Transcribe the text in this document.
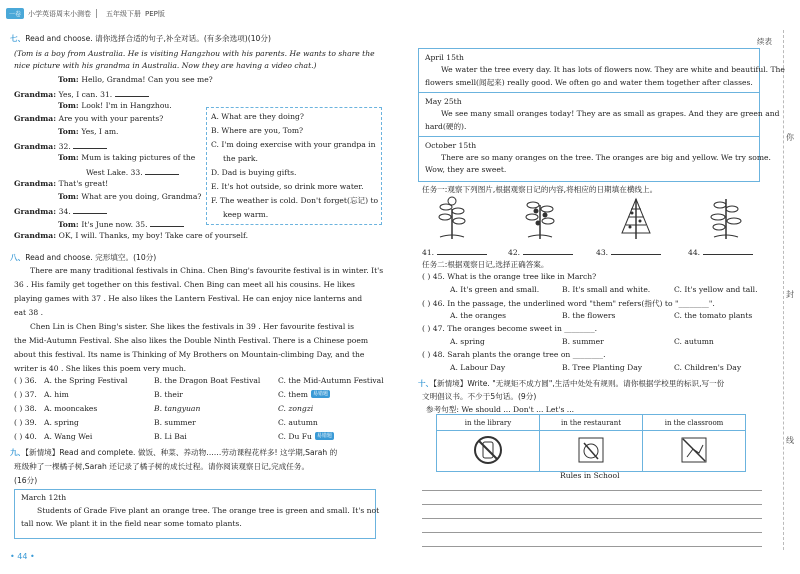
一卷	小学英语周末小测卷 五年级下册 PEP版
续表
你
封
线
• 44 •
七、Read and choose. 请你选择合适的句子,补全对话。(有多余选项)(10分)
(Tom is a boy from Australia. He is visiting Hangzhou with his parents. He wants to share the
nice picture with his grandma in Australia. Now they are having a video chat.)
Tom: Hello, Grandma! Can you see me?
Grandma: Yes, I can. 31.
Tom: Look! I'm in Hangzhou.
Grandma: Are you with your parents?
Tom: Yes, I am.
Grandma: 32.
Tom: Mum is taking pictures of the
West Lake. 33.
Grandma: That's great!
Tom: What are you doing, Grandma?
Grandma: 34.
Tom: It's June now. 35.
Grandma: OK, I will. Thanks, my boy! Take care of yourself.
A. What are they doing?
B. Where are you, Tom?
C. I'm doing exercise with your grandpa in
the park.
D. Dad is buying gifts.
E. It's hot outside, so drink more water.
F. The weather is cold. Don't forget(忘记) to
keep warm.
八、Read and choose. 完形填空。(10分)
There are many traditional festivals in China. Chen Bing's favourite festival is in winter. It's
36 . His family get together on this festival. Chen Bing can meet all his cousins. He likes
playing games with 37 . He also likes the Lantern Festival. He can enjoy nice lanterns and
eat 38 .
Chen Lin is Chen Bing's sister. She likes the festivals in 39 . Her favourite festival is
the Mid-Autumn Festival. She also likes the Double Ninth Festival. There is a Chinese poem
about this festival. Its name is Thinking of My Brothers on Mountain-climbing Day, and the
writer is 40 . She likes this poem very much.
( ) 36. A. the Spring Festival	B. the Dragon Boat Festival	C. the Mid-Autumn Festival
( ) 37. A. him	B. their	C. them	易错题
( ) 38. A. mooncakes	B. tangyuan	C. zongzi
( ) 39. A. spring	B. summer	C. autumn
( ) 40. A. Wang Wei	B. Li Bai	C. Du Fu	易错题
九、【新情境】Read and complete. 做饭、种菜、养动物……劳动课程花样多! 这学期,Sarah 的
班级种了一棵橘子树,Sarah 还记录了橘子树的成长过程。请你阅读观察日记,完成任务。
(16分)
March 12th
Students of Grade Five plant an orange tree. The orange tree is green and small. It's not
tall now. We plant it in the field near some tomato plants.
April 15th
We water the tree every day. It has lots of flowers now. They are white and beautiful. The
flowers smell(闻起来) really good. We often go and water them together after classes.
May 25th
We see many small oranges today! They are as small as grapes. And they are green and
hard(硬的).
October 15th
There are so many oranges on the tree. The oranges are big and yellow. We try some.
Wow, they are sweet.
任务一:观察下列图片,根据观察日记的内容,将相应的日期填在横线上。
41.	42.	43.	44.
任务二:根据观察日记,选择正确答案。
( ) 45. What is the orange tree like in March?
A. It's green and small.	B. It's small and white.	C. It's yellow and tall.
( ) 46. In the passage, the underlined word "them" refers(指代) to "________".
A. the oranges	B. the flowers	C. the tomato plants
( ) 47. The oranges become sweet in ________.
A. spring	B. summer	C. autumn
( ) 48. Sarah plants the orange tree on ________.
A. Labour Day	B. Tree Planting Day	C. Children's Day
十、【新情境】Write. "无规矩不成方圆",生活中处处有规则。请你根据学校里的标识,写一份
文明倡议书。不少于5句话。(9分)
参考句型: We should ... Don't ... Let's ...
in the library	in the restaurant	in the classroom

Rules in School
